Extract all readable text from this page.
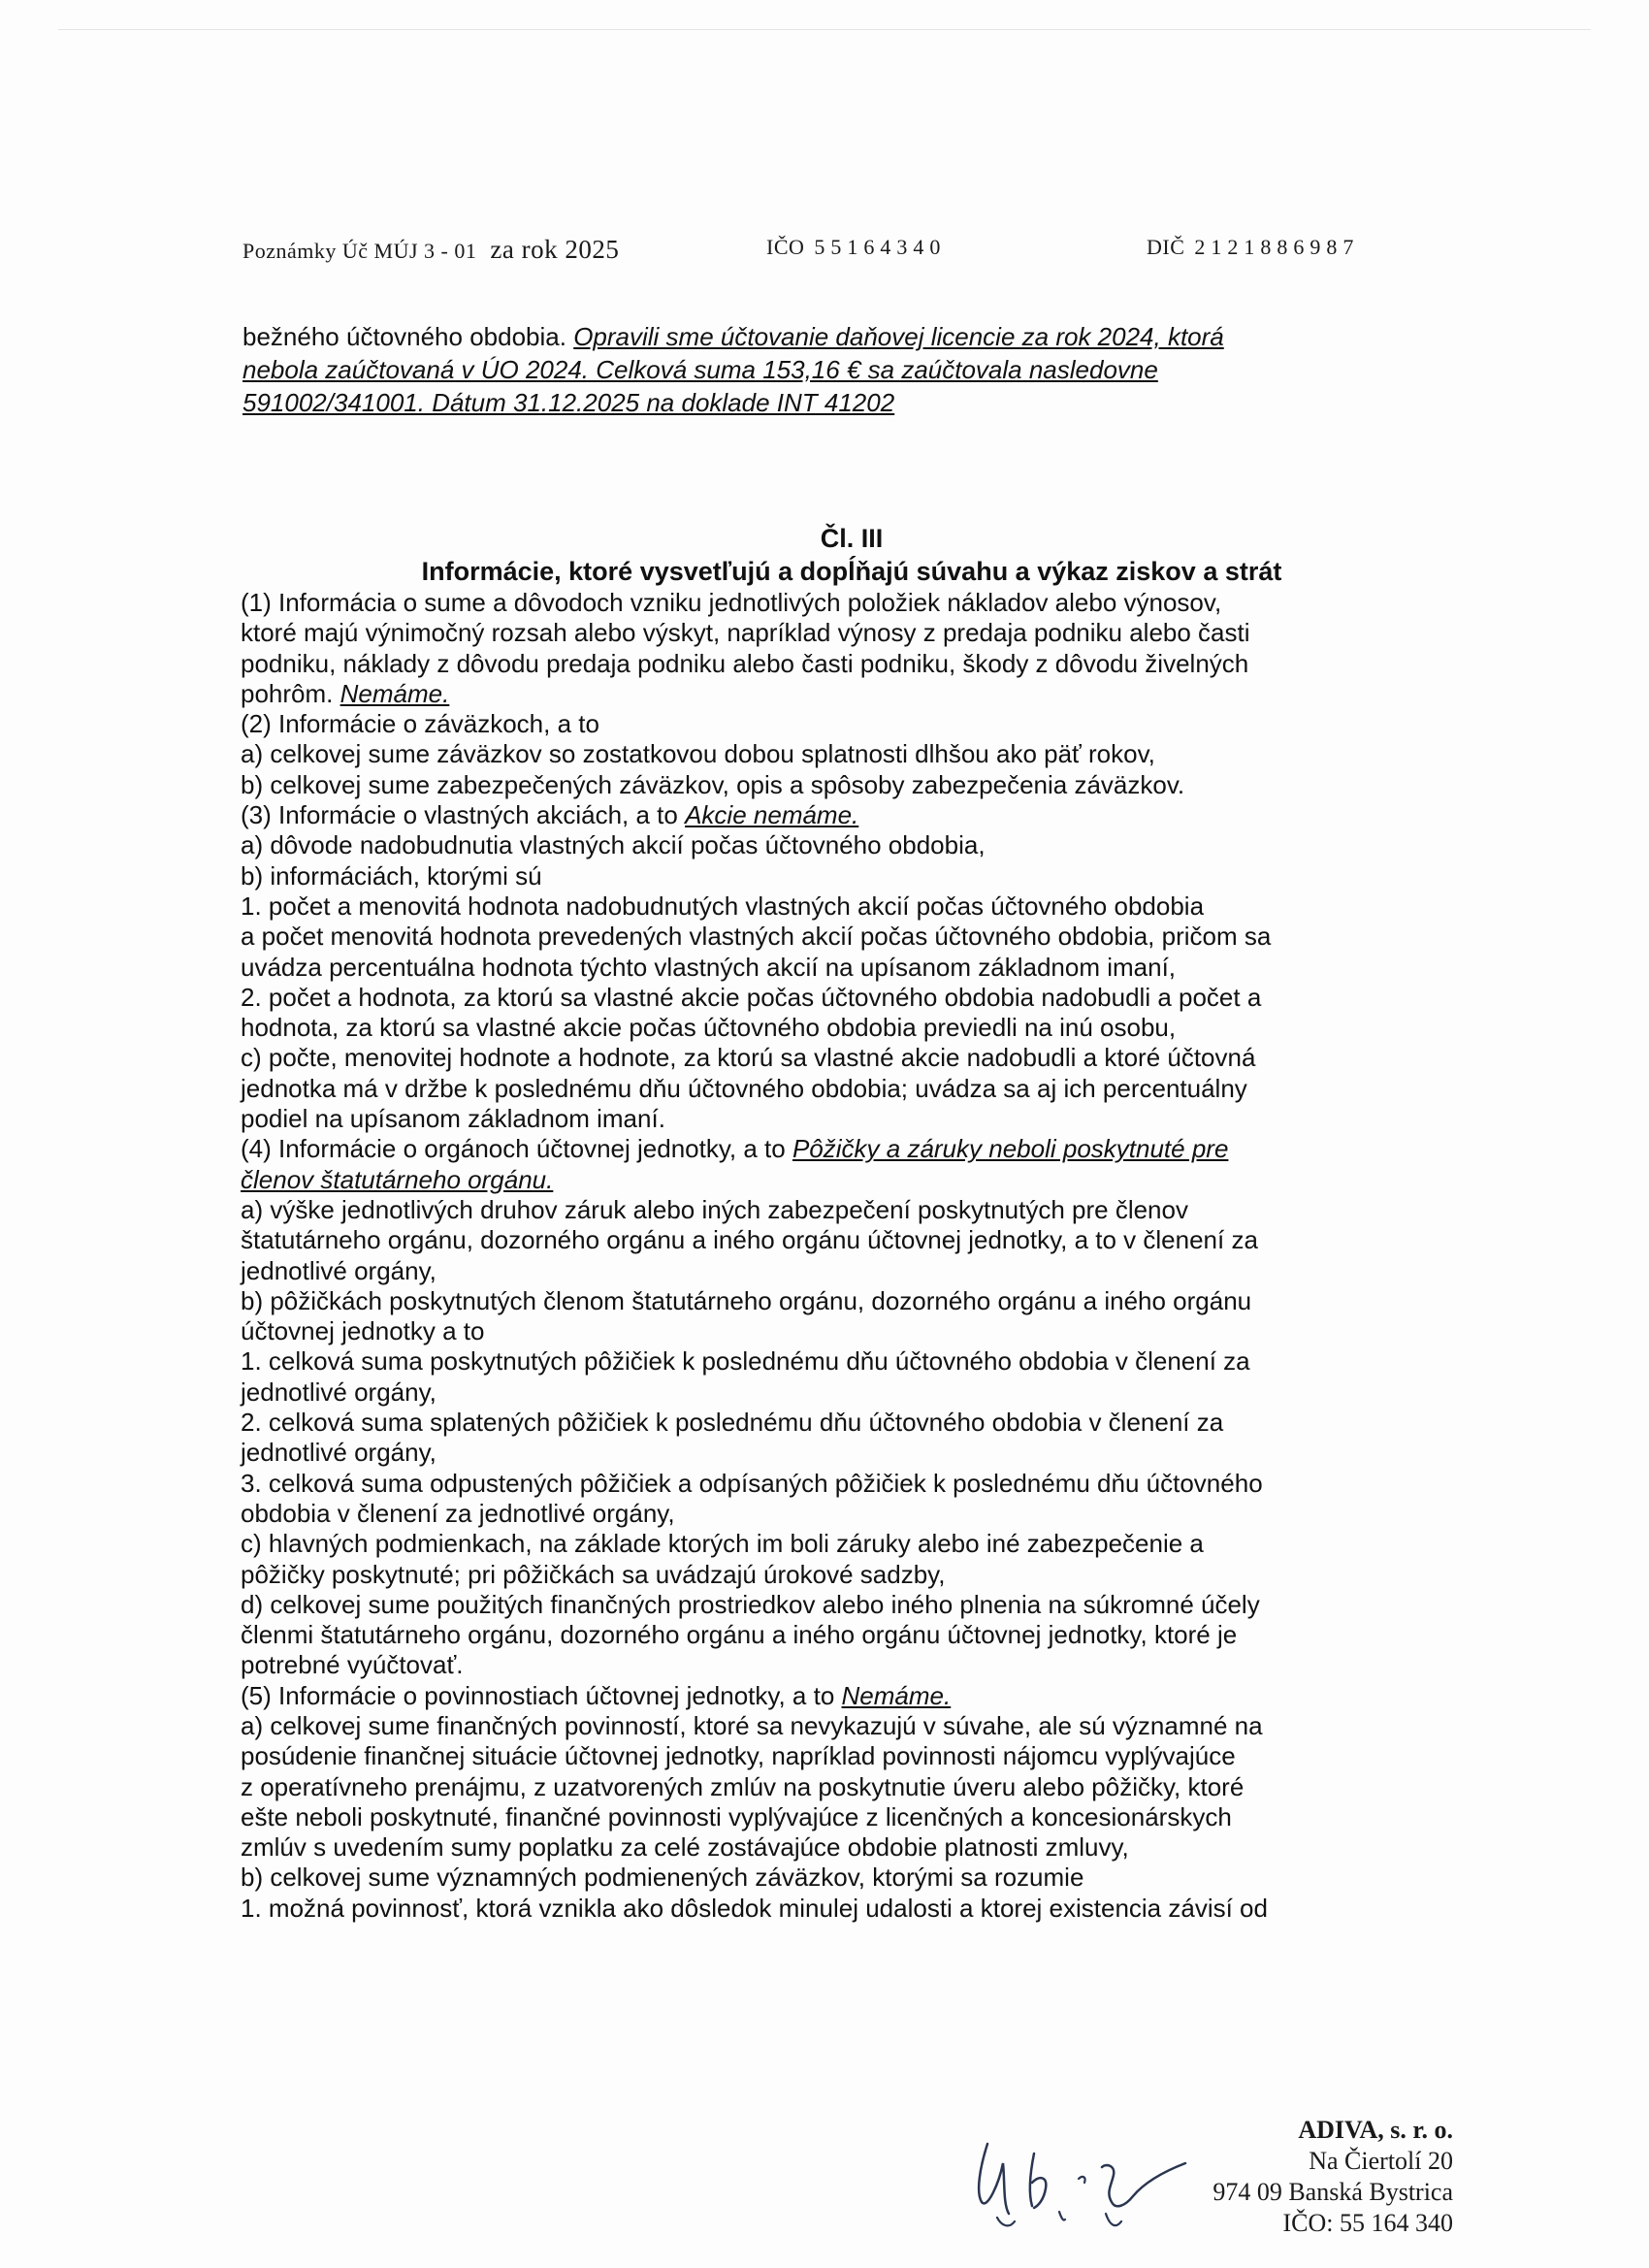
Poznámky Úč MÚJ 3 - 01 za rok 2025	IČO 55164340	DIČ 2121886987

bežného účtovného obdobia. Opravili sme účtovanie daňovej licencie za rok 2024, ktorá

nebola zaúčtovaná v ÚO 2024. Celková suma 153,16 € sa zaúčtovala nasledovne

591002/341001. Dátum 31.12.2025 na doklade INT 41202

Čl. III

Informácie, ktoré vysvetľujú a dopĺňajú súvahu a výkaz ziskov a strát

(1) Informácia o sume a dôvodoch vzniku jednotlivých položiek nákladov alebo výnosov,

ktoré majú výnimočný rozsah alebo výskyt, napríklad výnosy z predaja podniku alebo časti

podniku, náklady z dôvodu predaja podniku alebo časti podniku, škody z dôvodu živelných

pohrôm. Nemáme.

(2) Informácie o záväzkoch, a to

a) celkovej sume záväzkov so zostatkovou dobou splatnosti dlhšou ako päť rokov,

b) celkovej sume zabezpečených záväzkov, opis a spôsoby zabezpečenia záväzkov.

(3) Informácie o vlastných akciách, a to Akcie nemáme.

a) dôvode nadobudnutia vlastných akcií počas účtovného obdobia,

b) informáciách, ktorými sú

1. počet a menovitá hodnota nadobudnutých vlastných akcií počas účtovného obdobia

a počet menovitá hodnota prevedených vlastných akcií počas účtovného obdobia, pričom sa

uvádza percentuálna hodnota týchto vlastných akcií na upísanom základnom imaní,

2. počet a hodnota, za ktorú sa vlastné akcie počas účtovného obdobia nadobudli a počet a

hodnota, za ktorú sa vlastné akcie počas účtovného obdobia previedli na inú osobu,

c) počte, menovitej hodnote a hodnote, za ktorú sa vlastné akcie nadobudli a ktoré účtovná

jednotka má v držbe k poslednému dňu účtovného obdobia; uvádza sa aj ich percentuálny

podiel na upísanom základnom imaní.

(4) Informácie o orgánoch účtovnej jednotky, a to Pôžičky a záruky neboli poskytnuté pre

členov štatutárneho orgánu.

a) výške jednotlivých druhov záruk alebo iných zabezpečení poskytnutých pre členov

štatutárneho orgánu, dozorného orgánu a iného orgánu účtovnej jednotky, a to v členení za

jednotlivé orgány,

b) pôžičkách poskytnutých členom štatutárneho orgánu, dozorného orgánu a iného orgánu

účtovnej jednotky a to

1. celková suma poskytnutých pôžičiek k poslednému dňu účtovného obdobia v členení za

jednotlivé orgány,

2. celková suma splatených pôžičiek k poslednému dňu účtovného obdobia v členení za

jednotlivé orgány,

3. celková suma odpustených pôžičiek a odpísaných pôžičiek k poslednému dňu účtovného

obdobia v členení za jednotlivé orgány,

c) hlavných podmienkach, na základe ktorých im boli záruky alebo iné zabezpečenie a

pôžičky poskytnuté; pri pôžičkách sa uvádzajú úrokové sadzby,

d) celkovej sume použitých finančných prostriedkov alebo iného plnenia na súkromné účely

členmi štatutárneho orgánu, dozorného orgánu a iného orgánu účtovnej jednotky, ktoré je

potrebné vyúčtovať.

(5) Informácie o povinnostiach účtovnej jednotky, a to Nemáme.

a) celkovej sume finančných povinností, ktoré sa nevykazujú v súvahe, ale sú významné na

posúdenie finančnej situácie účtovnej jednotky, napríklad povinnosti nájomcu vyplývajúce

z operatívneho prenájmu, z uzatvorených zmlúv na poskytnutie úveru alebo pôžičky, ktoré

ešte neboli poskytnuté, finančné povinnosti vyplývajúce z licenčných a koncesionárskych

zmlúv s uvedením sumy poplatku za celé zostávajúce obdobie platnosti zmluvy,

b) celkovej sume významných podmienených záväzkov, ktorými sa rozumie

1. možná povinnosť, ktorá vznikla ako dôsledok minulej udalosti a ktorej existencia závisí od

ADIVA, s. r. o.

Na Čiertolí 20

974 09 Banská Bystrica

IČO: 55 164 340
